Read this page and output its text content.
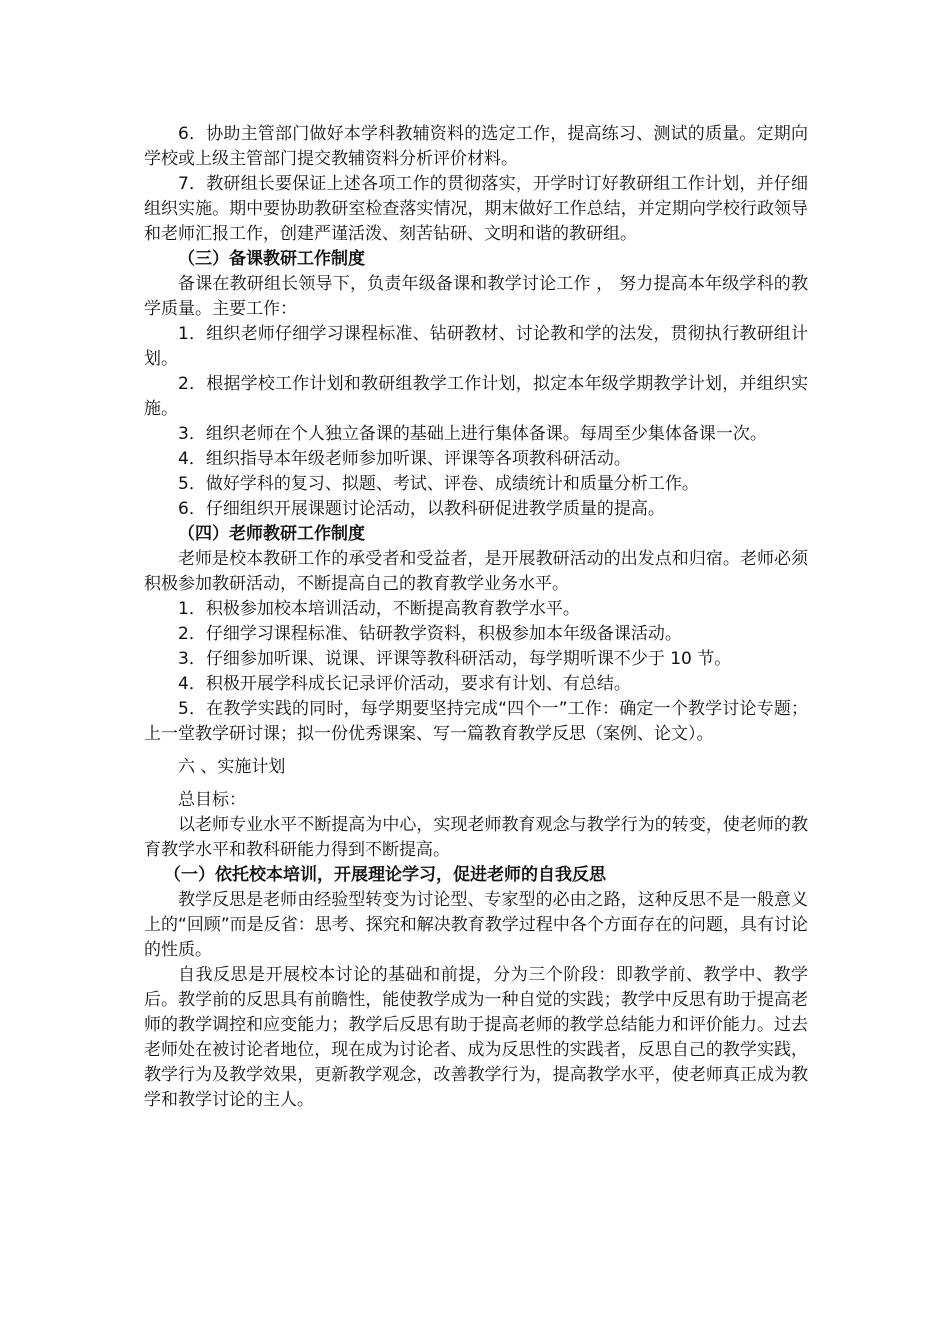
6．协助主管部门做好本学科教辅资料的选定工作，提高练习、测试的质量。定期向学校或上级主管部门提交教辅资料分析评价材料。

7．教研组长要保证上述各项工作的贯彻落实，开学时订好教研组工作计划，并仔细组织实施。期中要协助教研室检查落实情况，期末做好工作总结，并定期向学校行政领导和老师汇报工作，创建严谨活泼、刻苦钻研、文明和谐的教研组。

（三）备课教研工作制度

备课在教研组长领导下，负责年级备课和教学讨论工作 ， 努力提高本年级学科的教学质量。主要工作：

1．组织老师仔细学习课程标准、钻研教材、讨论教和学的法发，贯彻执行教研组计划。

2．根据学校工作计划和教研组教学工作计划，拟定本年级学期教学计划，并组织实施。

3．组织老师在个人独立备课的基础上进行集体备课。每周至少集体备课一次。

4．组织指导本年级老师参加听课、评课等各项教科研活动。

5．做好学科的复习、拟题、考试、评卷、成绩统计和质量分析工作。

6．仔细组织开展课题讨论活动，以教科研促进教学质量的提高。

（四）老师教研工作制度

老师是校本教研工作的承受者和受益者，是开展教研活动的出发点和归宿。老师必须积极参加教研活动，不断提高自己的教育教学业务水平。

1．积极参加校本培训活动，不断提高教育教学水平。

2．仔细学习课程标准、钻研教学资料，积极参加本年级备课活动。

3．仔细参加听课、说课、评课等教科研活动，每学期听课不少于 10 节。

4．积极开展学科成长记录评价活动，要求有计划、有总结。

5．在教学实践的同时，每学期要坚持完成“四个一”工作：确定一个教学讨论专题；上一堂教学研讨课；拟一份优秀课案、写一篇教育教学反思（案例、论文）。

六 、实施计划

总目标：

以老师专业水平不断提高为中心，实现老师教育观念与教学行为的转变，使老师的教育教学水平和教科研能力得到不断提高。

（一）依托校本培训，开展理论学习，促进老师的自我反思

教学反思是老师由经验型转变为讨论型、专家型的必由之路，这种反思不是一般意义上的“回顾”而是反省：思考、探究和解决教育教学过程中各个方面存在的问题，具有讨论的性质。

自我反思是开展校本讨论的基础和前提，分为三个阶段：即教学前、教学中、教学后。教学前的反思具有前瞻性，能使教学成为一种自觉的实践；教学中反思有助于提高老师的教学调控和应变能力；教学后反思有助于提高老师的教学总结能力和评价能力。过去老师处在被讨论者地位，现在成为讨论者、成为反思性的实践者，反思自己的教学实践，教学行为及教学效果，更新教学观念，改善教学行为，提高教学水平，使老师真正成为教学和教学讨论的主人。
